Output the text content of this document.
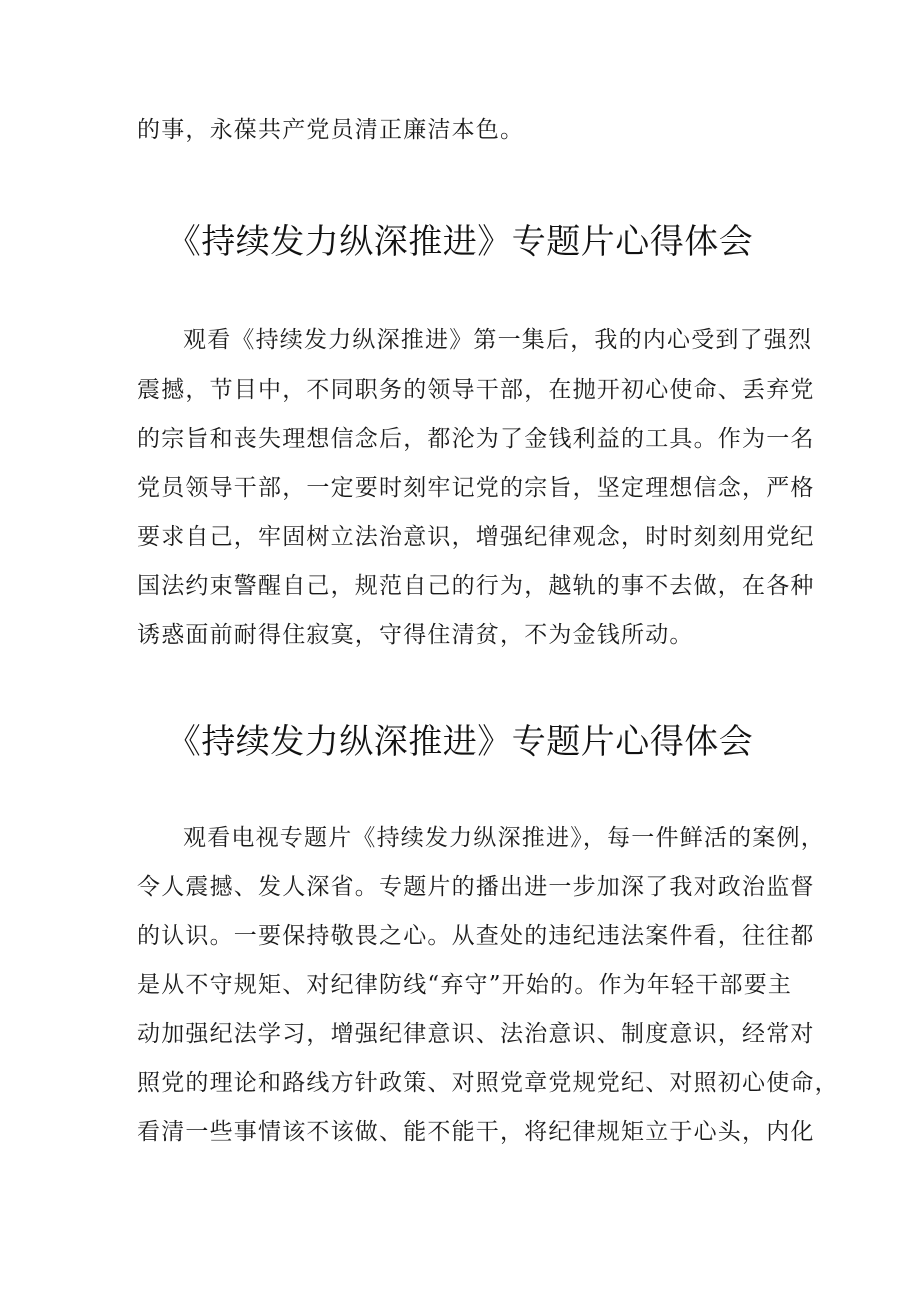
的事，永葆共产党员清正廉洁本色。

《持续发力纵深推进》专题片心得体会

观看《持续发力纵深推进》第一集后，我的内心受到了强烈

震撼，节目中，不同职务的领导干部，在抛开初心使命、丢弃党

的宗旨和丧失理想信念后，都沦为了金钱利益的工具。作为一名

党员领导干部，一定要时刻牢记党的宗旨，坚定理想信念，严格

要求自己，牢固树立法治意识，增强纪律观念，时时刻刻用党纪

国法约束警醒自己，规范自己的行为，越轨的事不去做，在各种

诱惑面前耐得住寂寞，守得住清贫，不为金钱所动。

《持续发力纵深推进》专题片心得体会

观看电视专题片《持续发力纵深推进》，每一件鲜活的案例，

令人震撼、发人深省。专题片的播出进一步加深了我对政治监督

的认识。一要保持敬畏之心。从查处的违纪违法案件看，往往都

是从不守规矩、对纪律防线“弃守”开始的。作为年轻干部要主

动加强纪法学习，增强纪律意识、法治意识、制度意识，经常对

照党的理论和路线方针政策、对照党章党规党纪、对照初心使命，

看清一些事情该不该做、能不能干，将纪律规矩立于心头，内化
